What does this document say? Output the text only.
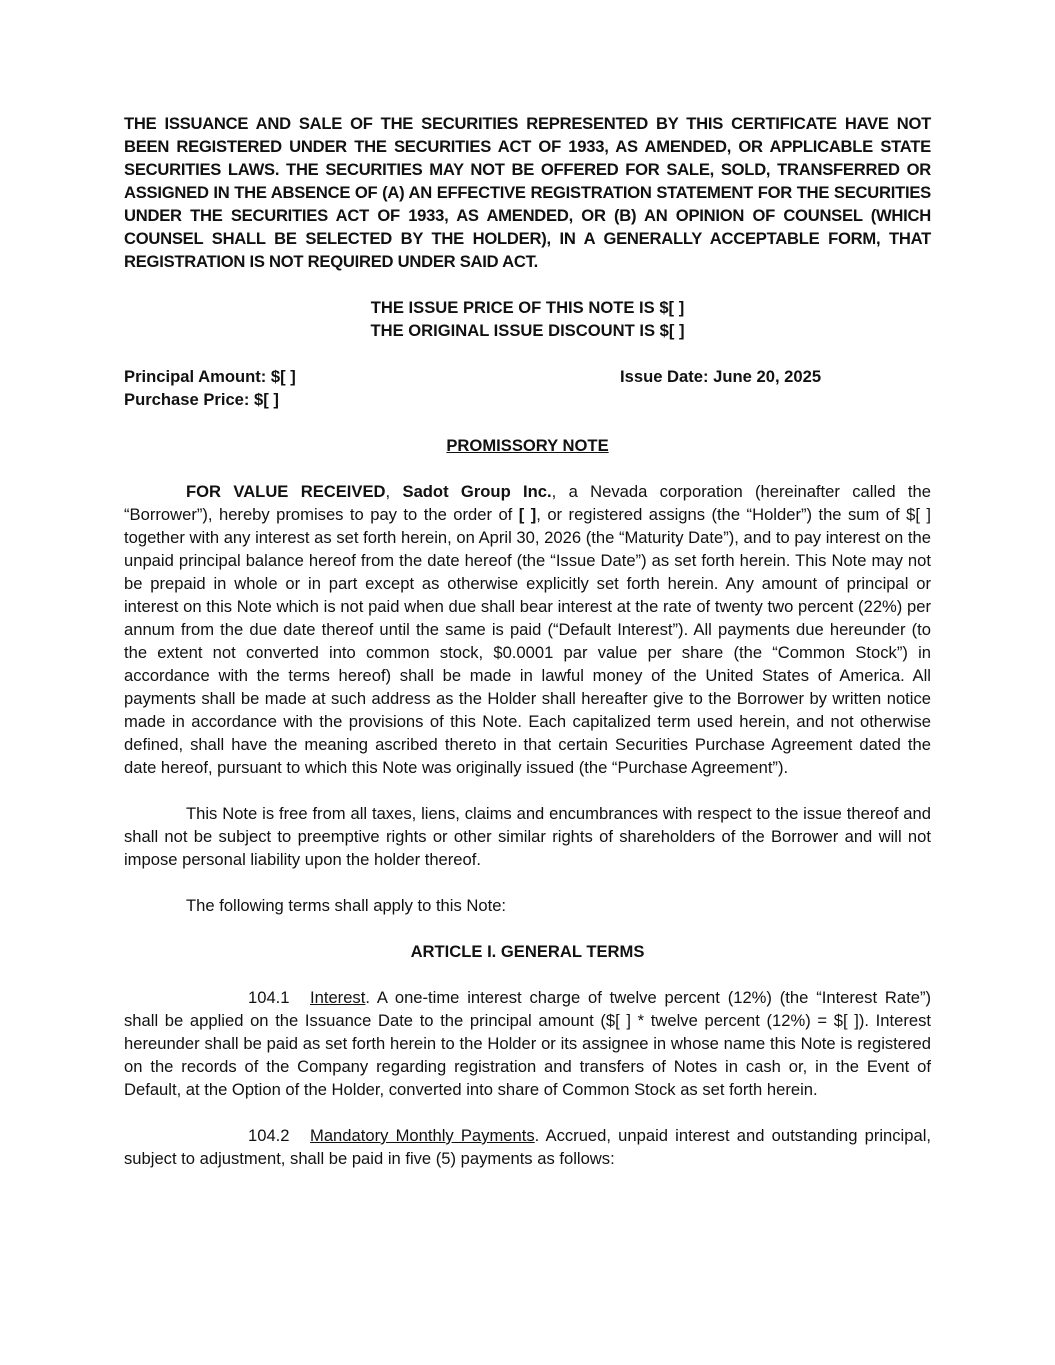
THE ISSUANCE AND SALE OF THE SECURITIES REPRESENTED BY THIS CERTIFICATE HAVE NOT BEEN REGISTERED UNDER THE SECURITIES ACT OF 1933, AS AMENDED, OR APPLICABLE STATE SECURITIES LAWS. THE SECURITIES MAY NOT BE OFFERED FOR SALE, SOLD, TRANSFERRED OR ASSIGNED IN THE ABSENCE OF (A) AN EFFECTIVE REGISTRATION STATEMENT FOR THE SECURITIES UNDER THE SECURITIES ACT OF 1933, AS AMENDED, OR (B) AN OPINION OF COUNSEL (WHICH COUNSEL SHALL BE SELECTED BY THE HOLDER), IN A GENERALLY ACCEPTABLE FORM, THAT REGISTRATION IS NOT REQUIRED UNDER SAID ACT.

THE ISSUE PRICE OF THIS NOTE IS $[ ]

THE ORIGINAL ISSUE DISCOUNT IS $[ ]

Principal Amount: $[ ]

Purchase Price: $[ ]

Issue Date: June 20, 2025

PROMISSORY NOTE

FOR VALUE RECEIVED, Sadot Group Inc., a Nevada corporation (hereinafter called the “Borrower”), hereby promises to pay to the order of [ ], or registered assigns (the “Holder”) the sum of $[ ] together with any interest as set forth herein, on April 30, 2026 (the “Maturity Date”), and to pay interest on the unpaid principal balance hereof from the date hereof (the “Issue Date”) as set forth herein. This Note may not be prepaid in whole or in part except as otherwise explicitly set forth herein. Any amount of principal or interest on this Note which is not paid when due shall bear interest at the rate of twenty two percent (22%) per annum from the due date thereof until the same is paid (“Default Interest”). All payments due hereunder (to the extent not converted into common stock, $0.0001 par value per share (the “Common Stock”) in accordance with the terms hereof) shall be made in lawful money of the United States of America. All payments shall be made at such address as the Holder shall hereafter give to the Borrower by written notice made in accordance with the provisions of this Note. Each capitalized term used herein, and not otherwise defined, shall have the meaning ascribed thereto in that certain Securities Purchase Agreement dated the date hereof, pursuant to which this Note was originally issued (the “Purchase Agreement”).

This Note is free from all taxes, liens, claims and encumbrances with respect to the issue thereof and shall not be subject to preemptive rights or other similar rights of shareholders of the Borrower and will not impose personal liability upon the holder thereof.

The following terms shall apply to this Note:

ARTICLE I. GENERAL TERMS

104.1 Interest. A one-time interest charge of twelve percent (12%) (the “Interest Rate”) shall be applied on the Issuance Date to the principal amount ($[ ] * twelve percent (12%) = $[ ]). Interest hereunder shall be paid as set forth herein to the Holder or its assignee in whose name this Note is registered on the records of the Company regarding registration and transfers of Notes in cash or, in the Event of Default, at the Option of the Holder, converted into share of Common Stock as set forth herein.

104.2 Mandatory Monthly Payments. Accrued, unpaid interest and outstanding principal, subject to adjustment, shall be paid in five (5) payments as follows:
